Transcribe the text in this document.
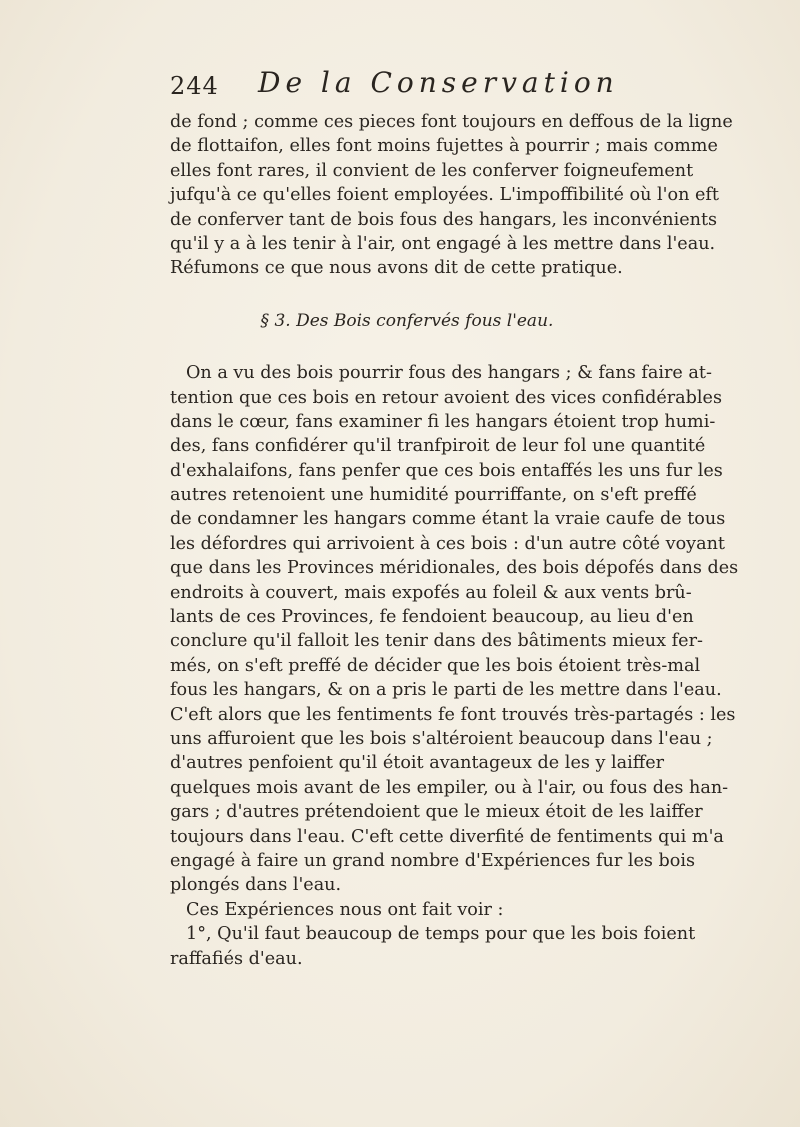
244 De la Conservation
de fond ; comme ces pieces font toujours en deffous de la ligne
de flottaifon, elles font moins fujettes à pourrir ; mais comme
elles font rares, il convient de les conferver foigneufement
jufqu'à ce qu'elles foient employées. L'impoffibilité où l'on eft
de conferver tant de bois fous des hangars, les inconvénients
qu'il y a à les tenir à l'air, ont engagé à les mettre dans l'eau.
Réfumons ce que nous avons dit de cette pratique.
§ 3. Des Bois confervés fous l'eau.
On a vu des bois pourrir fous des hangars ; & fans faire at-
tention que ces bois en retour avoient des vices confidérables
dans le cœur, fans examiner fi les hangars étoient trop humi-
des, fans confidérer qu'il tranfpiroit de leur fol une quantité
d'exhalaifons, fans penfer que ces bois entaffés les uns fur les
autres retenoient une humidité pourriffante, on s'eft preffé
de condamner les hangars comme étant la vraie caufe de tous
les défordres qui arrivoient à ces bois : d'un autre côté voyant
que dans les Provinces méridionales, des bois dépofés dans des
endroits à couvert, mais expofés au foleil & aux vents brû-
lants de ces Provinces, fe fendoient beaucoup, au lieu d'en
conclure qu'il falloit les tenir dans des bâtiments mieux fer-
més, on s'eft preffé de décider que les bois étoient très-mal
fous les hangars, & on a pris le parti de les mettre dans l'eau.
C'eft alors que les fentiments fe font trouvés très-partagés : les
uns affuroient que les bois s'altéroient beaucoup dans l'eau ;
d'autres penfoient qu'il étoit avantageux de les y laiffer
quelques mois avant de les empiler, ou à l'air, ou fous des han-
gars ; d'autres prétendoient que le mieux étoit de les laiffer
toujours dans l'eau. C'eft cette diverfité de fentiments qui m'a
engagé à faire un grand nombre d'Expériences fur les bois
plongés dans l'eau.
Ces Expériences nous ont fait voir :
1°, Qu'il faut beaucoup de temps pour que les bois foient
raffafiés d'eau.
